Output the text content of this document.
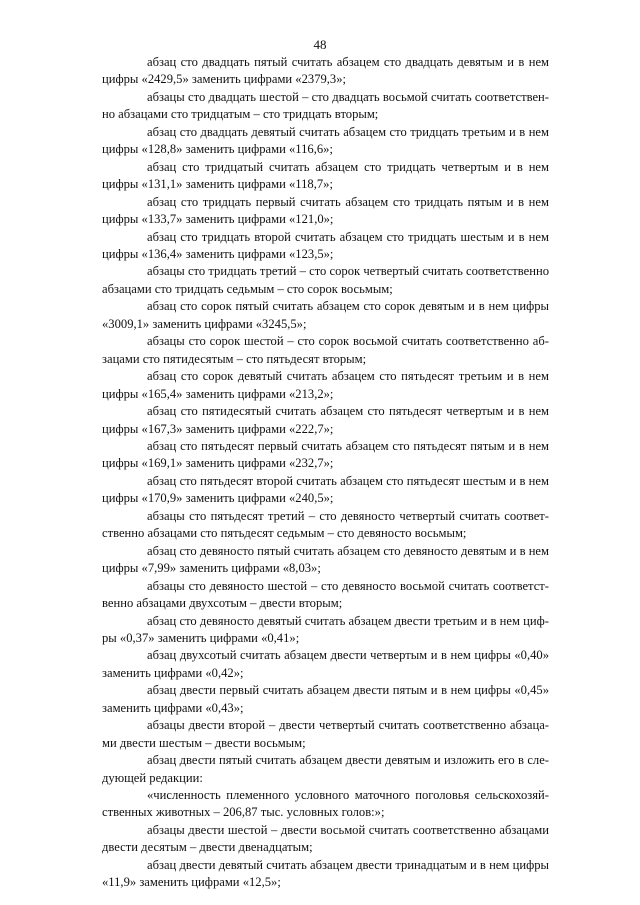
48

абзац сто двадцать пятый считать абзацем сто двадцать девятым и в нем цифры «2429,5» заменить цифрами «2379,3»;

абзацы сто двадцать шестой – сто двадцать восьмой считать соответственно абзацами сто тридцатым – сто тридцать вторым;

абзац сто двадцать девятый считать абзацем сто тридцать третьим и в нем цифры «128,8» заменить цифрами «116,6»;

абзац сто тридцатый считать абзацем сто тридцать четвертым и в нем цифры «131,1» заменить цифрами «118,7»;

абзац сто тридцать первый считать абзацем сто тридцать пятым и в нем цифры «133,7» заменить цифрами «121,0»;

абзац сто тридцать второй считать абзацем сто тридцать шестым и в нем цифры «136,4» заменить цифрами «123,5»;

абзацы сто тридцать третий – сто сорок четвертый считать соответственно абзацами сто тридцать седьмым – сто сорок восьмым;

абзац сто сорок пятый считать абзацем сто сорок девятым и в нем цифры «3009,1» заменить цифрами «3245,5»;

абзацы сто сорок шестой – сто сорок восьмой считать соответственно абзацами сто пятидесятым – сто пятьдесят вторым;

абзац сто сорок девятый считать абзацем сто пятьдесят третьим и в нем цифры «165,4» заменить цифрами «213,2»;

абзац сто пятидесятый считать абзацем сто пятьдесят четвертым и в нем цифры «167,3» заменить цифрами «222,7»;

абзац сто пятьдесят первый считать абзацем сто пятьдесят пятым и в нем цифры «169,1» заменить цифрами «232,7»;

абзац сто пятьдесят второй считать абзацем сто пятьдесят шестым и в нем цифры «170,9» заменить цифрами «240,5»;

абзацы сто пятьдесят третий – сто девяносто четвертый считать соответственно абзацами сто пятьдесят седьмым – сто девяносто восьмым;

абзац сто девяносто пятый считать абзацем сто девяносто девятым и в нем цифры «7,99» заменить цифрами «8,03»;

абзацы сто девяносто шестой – сто девяносто восьмой считать соответственно абзацами двухсотым – двести вторым;

абзац сто девяносто девятый считать абзацем двести третьим и в нем цифры «0,37» заменить цифрами «0,41»;

абзац двухсотый считать абзацем двести четвертым и в нем цифры «0,40» заменить цифрами «0,42»;

абзац двести первый считать абзацем двести пятым и в нем цифры «0,45» заменить цифрами «0,43»;

абзацы двести второй – двести четвертый считать соответственно абзацами двести шестым – двести восьмым;

абзац двести пятый считать абзацем двести девятым и изложить его в следующей редакции:

«численность племенного условного маточного поголовья сельскохозяйственных животных – 206,87 тыс. условных голов:»;

абзацы двести шестой – двести восьмой считать соответственно абзацами двести десятым – двести двенадцатым;

абзац двести девятый считать абзацем двести тринадцатым и в нем цифры «11,9» заменить цифрами «12,5»;
